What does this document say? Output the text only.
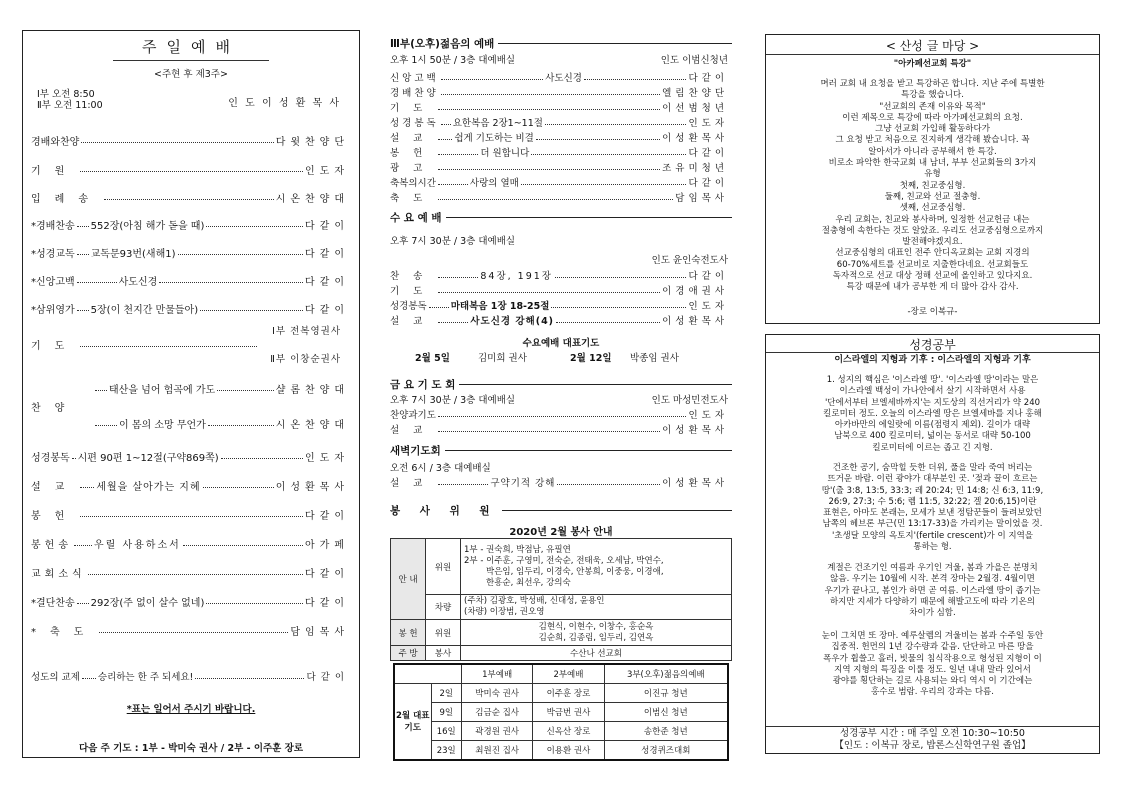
주일예배
<주현 후 제3주>
Ⅰ부 오전 8:50
Ⅱ부 오전 11:00	인 도 이 성 환 목 사
경배와찬양	다윗찬양단
기원	인도자
입례송	시온찬양대
*경배찬송 552장(아침 해가 돋을 때)	다같이
*성경교독 교독문93번(새해1)	다같이
*신앙고백	사도신경	다같이
*삼위영가 5장(이 천지간 만물들아)	다같이
Ⅰ부 전복영권사
기도
Ⅱ부 이창순권사
태산을 넘어 험곡에 가도	샬롬찬양대
찬양
이 몸의 소망 무언가	시온찬양대
성경봉독 시편 90편 1~12절(구약869쪽)	인도자
설교 세월을 살아가는 지혜	이성환목사
봉헌	다같이
봉헌송 우릴 사용하소서	아가페
교회소식	다같이
*결단찬송 292장(주 없이 살수 없네)	다같이
*축도	담임목사
성도의 교제 승리하는 한 주 되세요!	다같이
*표는 일어서 주시기 바랍니다.
다음 주 기도 : 1부 - 박미숙 권사 / 2부 - 이주훈 장로
Ⅲ부(오후)젊음의 예배
오후 1시 50분 / 3층 대예배실	인도 이범신청년
신앙고백	사도신경	다같이
경배찬양	엘림찬양단
기도	이선범청년
성경봉독 요한복음 2장1~11절	인도자
설교 쉽게 기도하는 비결	이성환목사
봉헌	더 원합니다	다같이
광고	조유미청년
축복의시간	사랑의 열매	다같이
축도	담임목사
수 요 예 배
오후 7시 30분 / 3층 대예배실
인도 윤인숙전도사
찬송	84장, 191장	다같이
기도	이경애권사
성경봉독	마태복음 1장 18-25절	인도자
설교	사도신경 강해(4)	이성환목사
수요예배 대표기도
2월 5일	김미희 권사	2월 12일 박종임 권사
금 요 기 도 회
오후 7시 30분 / 3층 대예배실	인도 마성민전도사
찬양과기도	인도자
설교	이성환목사
새벽기도회
오전 6시 / 3층 대예배실
설교	구약기적 강해	이성환목사
봉 사 위 원
2020년 2월 봉사 안내
안 내	위원	1부 - 권숙희, 박점남, 유필연
2부 - 이주훈, 구영미, 전숙순, 전태욱, 오세남, 박연수,
박은임, 임두리, 이경숙, 안봉희, 이중웅, 이경애,
한흥순, 최선우, 강의숙

	차량	(주차) 김광호, 박성배, 신대성, 윤용인
(차량) 이장범, 권오영

봉 헌	위원	김현식, 이현수, 이창수, 홍순옥
김순희, 김종림, 임두리, 김연옥

주 방	봉사	수산나 선교회
		1부예배	2부예배	3부(오후)젊음의예배
2월 대표 기도	2일	박미숙 권사	이주훈 장로	이진규 청년
	9일	김금순 집사	박금번 권사	이범신 청년
	16일	곽경원 권사	신옥산 장로	송한준 청년
	23일	최원진 집사	이용환 권사	성경퀴즈대회
< 산성 글 마당 >
"아카페선교회 특강"
며러 교회 내 요청을 받고 특강하곤 합니다. 지난 주에 특별한
특강을 했습니다.
"선교회의 존재 이유와 목적"
이런 제목으로 특강에 따라 아가페선교회의 요청.
그냥 선교회 가입해 활동하다가
그 요청 받고 처음으로 진지하게 생각해 봤습니다. 꼭
알아서가 아니라 공부해서 한 특강.
비로소 파악한 한국교회 내 남녀, 부부 선교회들의 3가지
유형
첫째, 친교중심형.
둘째, 친교와 선교 절충형.
셋째, 선교중심형.
우리 교회는, 친교와 봉사하며, 일정한 선교헌금 내는
절충형에 속한다는 것도 알았죠. 우리도 선교중심형으로까지
발전해야겠지요.
선교중심형의 대표인 전주 안디옥교회는 교회 지경의
60-70%세트를 선교비로 지출한다네요. 선교회들도
독자적으로 선교 대상 정해 선교에 올인하고 있다지요.
특강 때문에 내가 공부한 게 더 많아 감사 감사.
-장로 이복규-
성경공부
이스라엘의 지형과 기후 : 이스라엘의 지형과 기후
1. 성지의 핵심은 '이스라엘 땅'. '이스라엘 땅'이라는 말은
이스라엘 백성이 가나안에서 살기 시작하면서 사용
'단에서부터 브엘세바까지'는 지도상의 직선거리가 약 240
킬로미터 정도. 오늘의 이스라엘 땅은 브엘세바를 지나 홍해
아카바만의 에일랏에 이름(점령지 제외). 길이가 대략
남북으로 400 킬로미터, 넓이는 동서로 대략 50-100
킬로미터에 이르는 좁고 긴 지형.
건조한 공기, 숨막힐 듯한 더위, 풀을 말라 죽여 버리는
뜨거운 바람. 이런 광야가 대부분인 곳. '젖과 꿀이 흐르는
땅'(출 3:8, 13:5, 33:3; 레 20:24; 민 14:8; 신 6:3, 11:9,
26:9, 27:3; 수 5:6; 렘 11:5, 32:22; 겔 20:6,15)이란
표현은, 아마도 본래는, 모세가 보낸 정탐꾼들이 들려보았던
남쪽의 헤브론 부근(민 13:17-33)을 가리키는 말이었을 것.
'초생달 모양의 옥토지'(fertile crescent)가 이 지역을
통하는 형.
계절은 건조기인 여름과 우기인 겨울, 봄과 가을은 분명치
않음. 우기는 10월에 시작. 본격 장마는 2월경. 4월이면
우기가 끝나고, 봄인가 하면 곧 여름. 이스라엘 땅이 좁기는
하지만 지세가 다양하기 때문에 해발고도에 따라 기온의
차이가 심함.
눈이 그치면 또 장마. 예루살렘의 겨울비는 봄과 수주일 동안
집중적. 헌먼의 1년 강수량과 같음. 단단하고 마른 땅을
폭우가 휩쓸고 흘러, 빗물의 침식작용으로 형성된 지형이 이
지역 지형의 특징을 이룰 정도. 일년 내내 말라 있어서
광야를 횡단하는 길로 사용되는 와디 역시 이 기간에는
홍수로 범람. 우리의 강과는 다름.
성경공부 시간 : 매 주일 오전 10:30~10:50
【인도 : 이복규 장로, 밥론스신학연구원 졸업】
